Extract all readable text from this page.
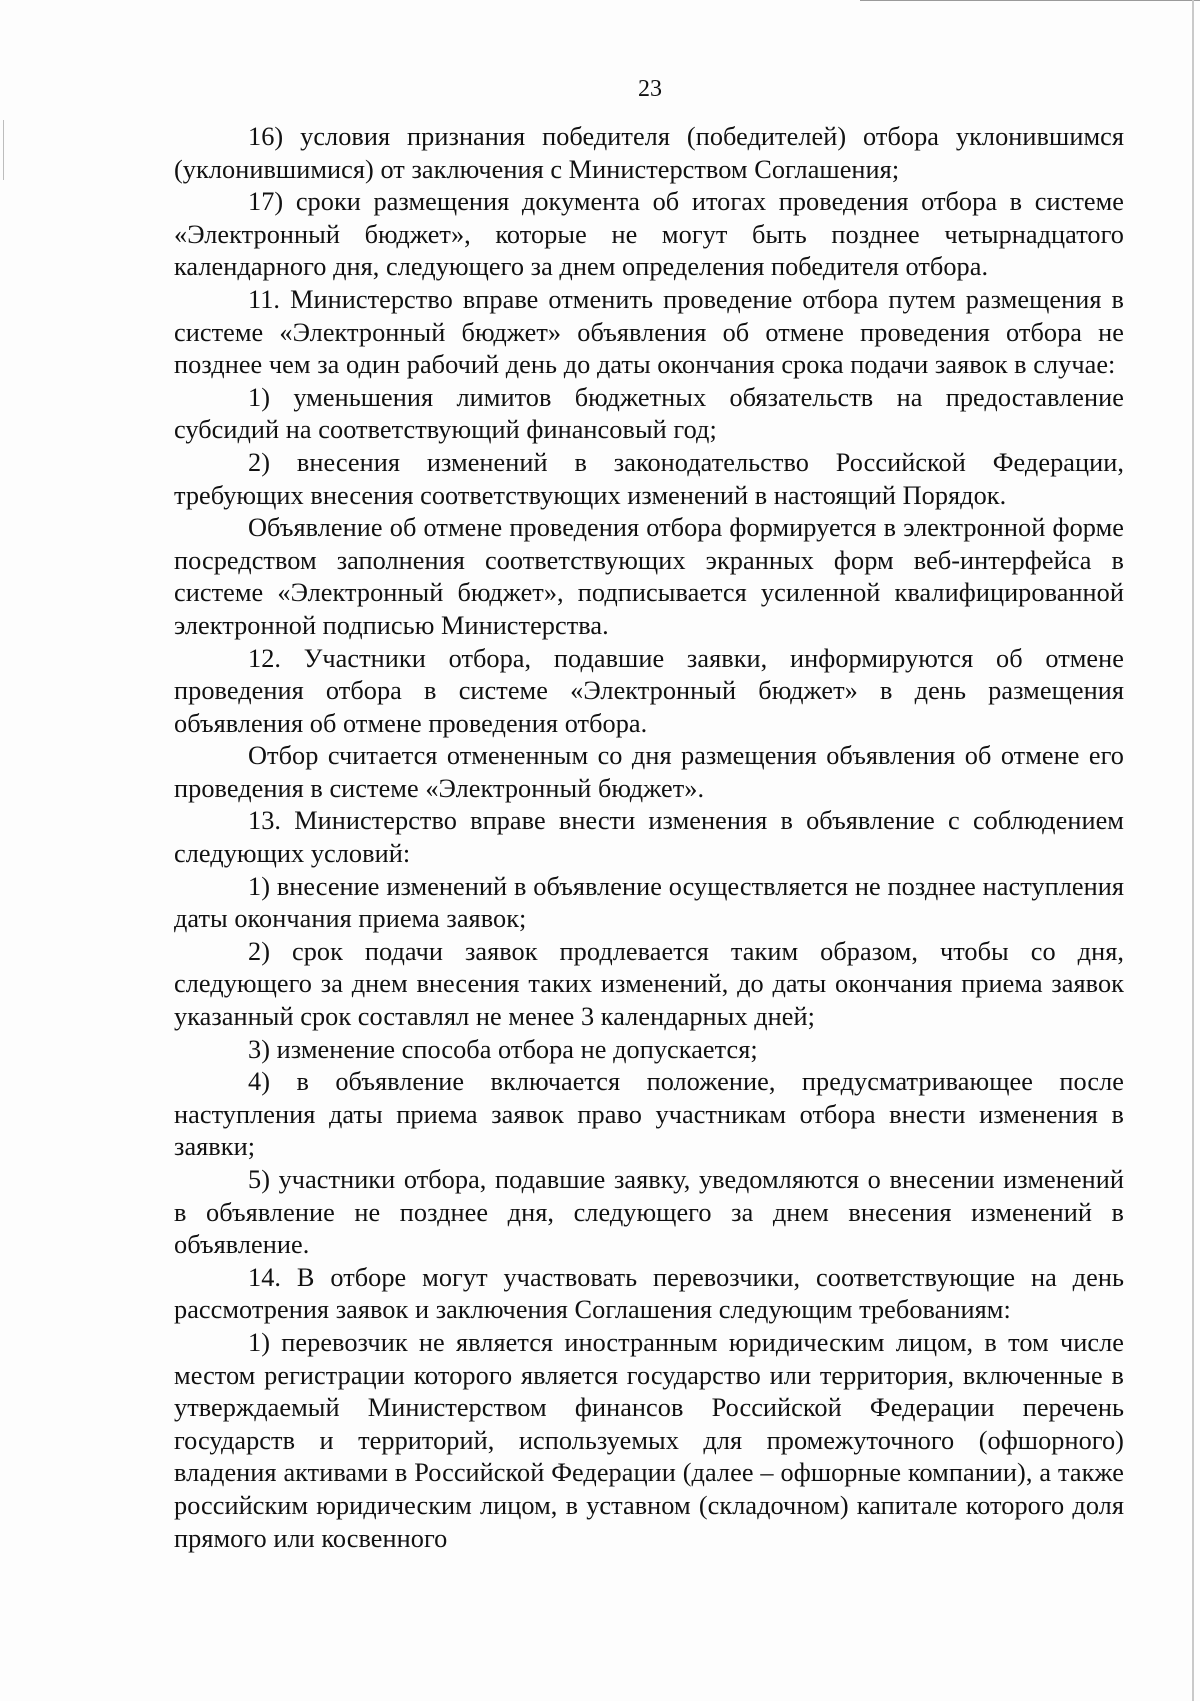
23

16) условия признания победителя (победителей) отбора уклонившимся (уклонившимися) от заключения с Министерством Соглашения;

17) сроки размещения документа об итогах проведения отбора в системе «Электронный бюджет», которые не могут быть позднее четырнадцатого календарного дня, следующего за днем определения победителя отбора.

11. Министерство вправе отменить проведение отбора путем размещения в системе «Электронный бюджет» объявления об отмене проведения отбора не позднее чем за один рабочий день до даты окончания срока подачи заявок в случае:

1) уменьшения лимитов бюджетных обязательств на предоставление субсидий на соответствующий финансовый год;

2) внесения изменений в законодательство Российской Федерации, требующих внесения соответствующих изменений в настоящий Порядок.

Объявление об отмене проведения отбора формируется в электронной форме посредством заполнения соответствующих экранных форм веб-интерфейса в системе «Электронный бюджет», подписывается усиленной квалифицированной электронной подписью Министерства.

12. Участники отбора, подавшие заявки, информируются об отмене проведения отбора в системе «Электронный бюджет» в день размещения объявления об отмене проведения отбора.

Отбор считается отмененным со дня размещения объявления об отмене его проведения в системе «Электронный бюджет».

13. Министерство вправе внести изменения в объявление с соблюдением следующих условий:

1) внесение изменений в объявление осуществляется не позднее наступления даты окончания приема заявок;

2) срок подачи заявок продлевается таким образом, чтобы со дня, следующего за днем внесения таких изменений, до даты окончания приема заявок указанный срок составлял не менее 3 календарных дней;

3) изменение способа отбора не допускается;

4) в объявление включается положение, предусматривающее после наступления даты приема заявок право участникам отбора внести изменения в заявки;

5) участники отбора, подавшие заявку, уведомляются о внесении изменений в объявление не позднее дня, следующего за днем внесения изменений в объявление.

14. В отборе могут участвовать перевозчики, соответствующие на день рассмотрения заявок и заключения Соглашения следующим требованиям:

1) перевозчик не является иностранным юридическим лицом, в том числе местом регистрации которого является государство или территория, включенные в утверждаемый Министерством финансов Российской Федерации перечень государств и территорий, используемых для промежуточного (офшорного) владения активами в Российской Федерации (далее – офшорные компании), а также российским юридическим лицом, в уставном (складочном) капитале которого доля прямого или косвенного
